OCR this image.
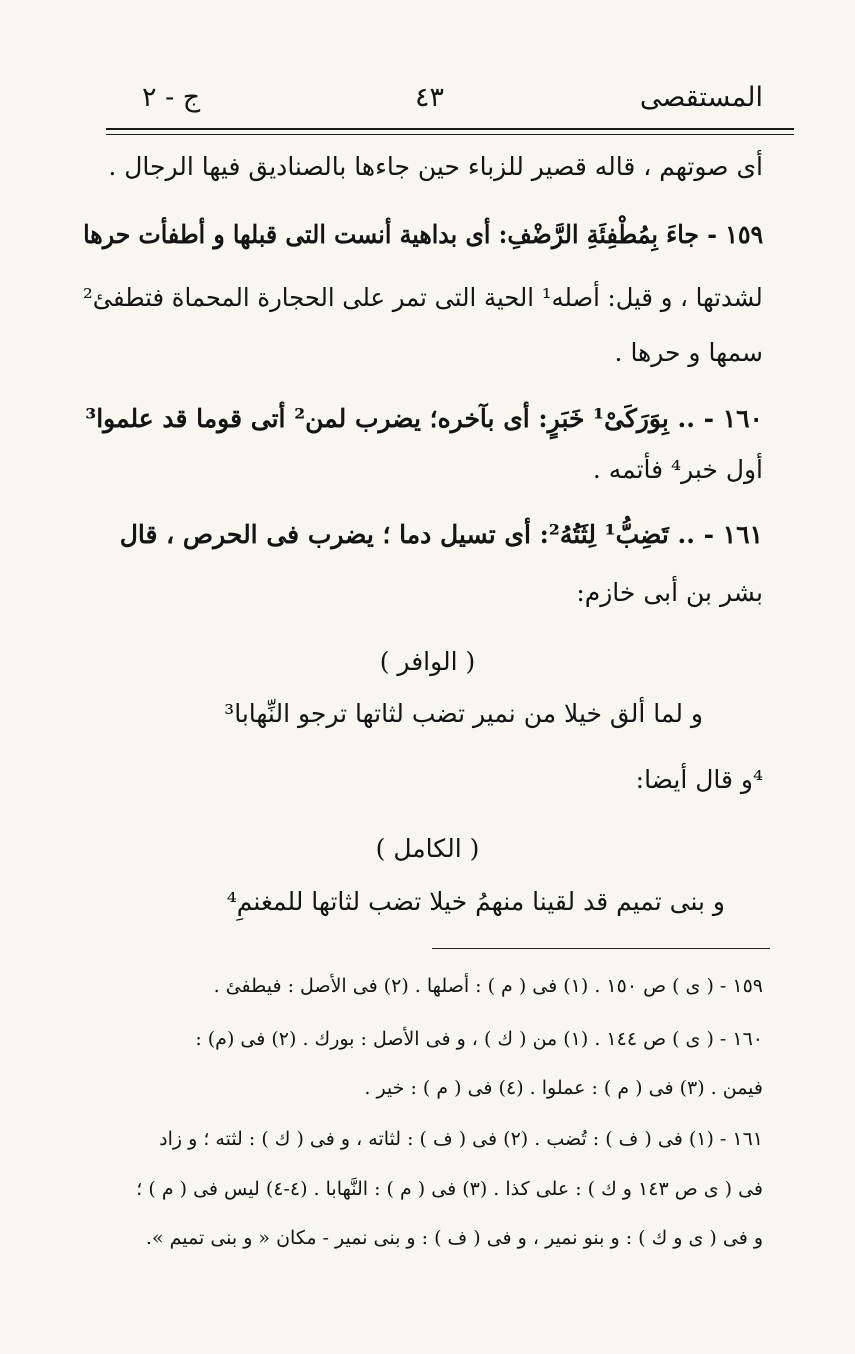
المستقصى
٤٣
ج - ٢
أى صوتهم ، قاله قصير للزباء حين جاءها بالصناديق فيها الرجال .
١٥٩ - جاءَ بِمُطْفِئَةِ الرَّضْفِ: أى بداهية أنست التى قبلها و أطفأت حرها
لشدتها ، و قيل: أصله¹ الحية التى تمر على الحجارة المحماة فتطفئ²
سمها و حرها .
١٦٠ - .. بِوَرَكَىْ¹ خَبَرٍ: أى بآخره؛ يضرب لمن² أتى قوما قد علموا³
أول خبر⁴ فأتمه .
١٦١ - .. تَضِبُّ¹ لِثَتُهُ²: أى تسيل دما ؛ يضرب فى الحرص ، قال
بشر بن أبى خازم:
( الوافر )
و لما ألق خيلا من نمير تضب لثاتها ترجو النِّهابا³
⁴و قال أيضا:
( الكامل )
و بنى تميم قد لقينا منهمُ خيلا تضب لثاتها للمغنمِ⁴
١٥٩ - ( ى ) ص ١٥٠ . (١) فى ( م ) : أصلها . (٢) فى الأصل : فيطفئ .
١٦٠ - ( ى ) ص ١٤٤ . (١) من ( ك ) ، و فى الأصل : بورك . (٢) فى (م) :
فيمن . (٣) فى ( م ) : عملوا . (٤) فى ( م ) : خير .
١٦١ - (١) فى ( ف ) : تُضب . (٢) فى ( ف ) : لثاته ، و فى ( ك ) : لثته ؛ و زاد
فى ( ى ص ١٤٣ و ك ) : على كذا . (٣) فى ( م ) : النَّهابا . (٤-٤) ليس فى ( م ) ؛
و فى ( ى و ك ) : و بنو نمير ، و فى ( ف ) : و بنى نمير - مكان « و بنى تميم ».
